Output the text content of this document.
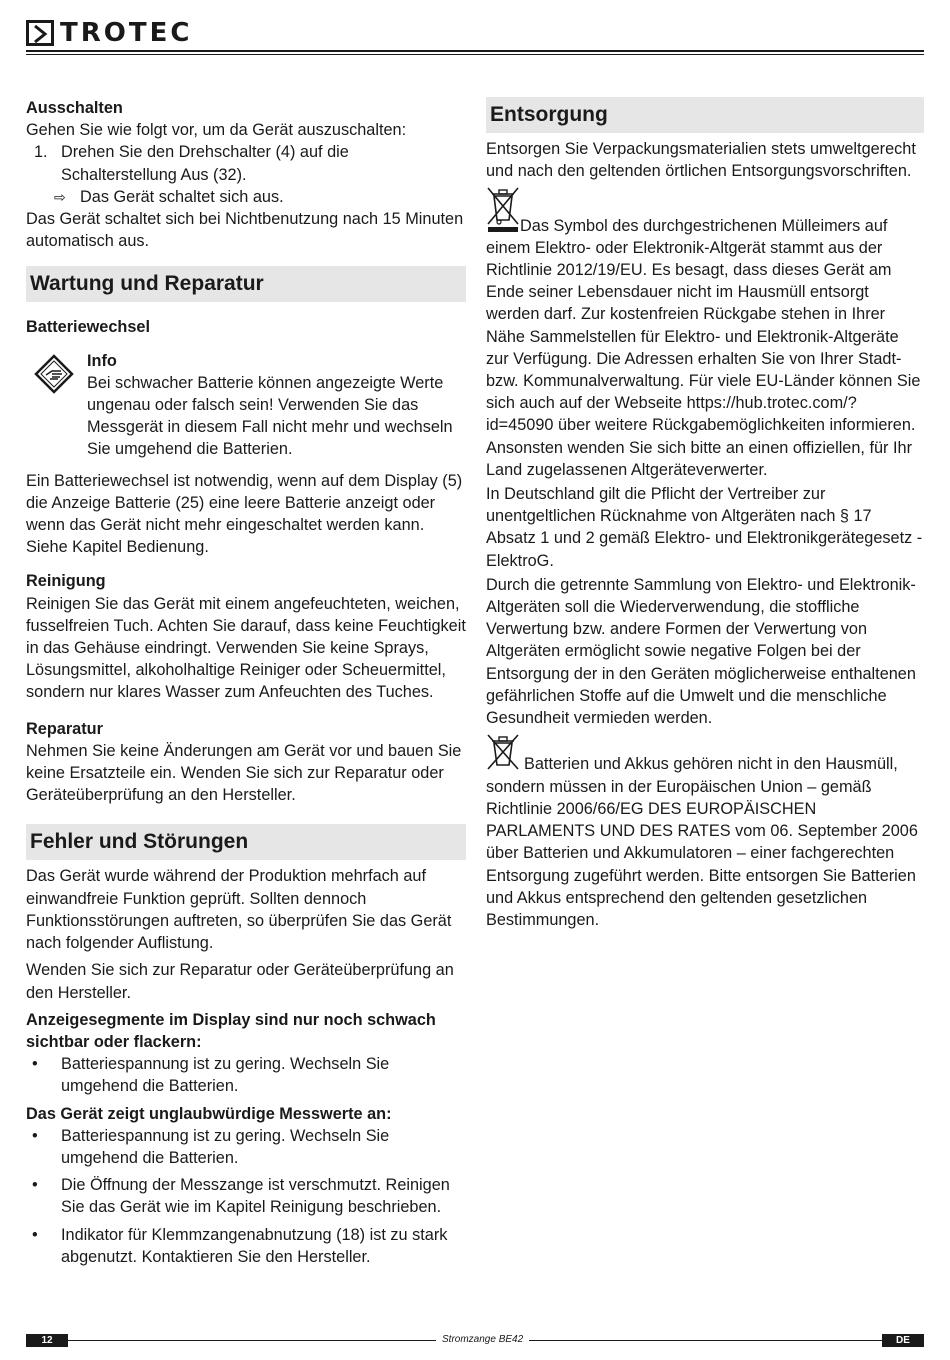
TROTEC
Ausschalten

Gehen Sie wie folgt vor, um da Gerät auszuschalten:

1. Drehen Sie den Drehschalter (4) auf die Schalterstellung Aus (32).
⇨ Das Gerät schaltet sich aus.

Das Gerät schaltet sich bei Nichtbenutzung nach 15 Minuten automatisch aus.

Wartung und Reparatur
Batteriewechsel
Info

Bei schwacher Batterie können angezeigte Werte ungenau oder falsch sein! Verwenden Sie das Messgerät in diesem Fall nicht mehr und wechseln Sie umgehend die Batterien.

Ein Batteriewechsel ist notwendig, wenn auf dem Display (5) die Anzeige Batterie (25) eine leere Batterie anzeigt oder wenn das Gerät nicht mehr eingeschaltet werden kann. Siehe Kapitel Bedienung.

Reinigung

Reinigen Sie das Gerät mit einem angefeuchteten, weichen, fusselfreien Tuch. Achten Sie darauf, dass keine Feuchtigkeit in das Gehäuse eindringt. Verwenden Sie keine Sprays, Lösungsmittel, alkoholhaltige Reiniger oder Scheuermittel, sondern nur klares Wasser zum Anfeuchten des Tuches.

Reparatur

Nehmen Sie keine Änderungen am Gerät vor und bauen Sie keine Ersatzteile ein. Wenden Sie sich zur Reparatur oder Geräteüberprüfung an den Hersteller.

Fehler und Störungen

Das Gerät wurde während der Produktion mehrfach auf einwandfreie Funktion geprüft. Sollten dennoch Funktionsstörungen auftreten, so überprüfen Sie das Gerät nach folgender Auflistung.

Wenden Sie sich zur Reparatur oder Geräteüberprüfung an den Hersteller.

Anzeigesegmente im Display sind nur noch schwach sichtbar oder flackern:
•	Batteriespannung ist zu gering. Wechseln Sie umgehend die Batterien.
Das Gerät zeigt unglaubwürdige Messwerte an:
•	Batteriespannung ist zu gering. Wechseln Sie umgehend die Batterien.
•	Die Öffnung der Messzange ist verschmutzt. Reinigen Sie das Gerät wie im Kapitel Reinigung beschrieben.
•	Indikator für Klemmzangenabnutzung (18) ist zu stark abgenutzt. Kontaktieren Sie den Hersteller.
Entsorgung

Entsorgen Sie Verpackungsmaterialien stets umweltgerecht und nach den geltenden örtlichen Entsorgungsvorschriften.

Das Symbol des durchgestrichenen Mülleimers auf einem Elektro- oder Elektronik-Altgerät stammt aus der Richtlinie 2012/19/EU. Es besagt, dass dieses Gerät am Ende seiner Lebensdauer nicht im Hausmüll entsorgt werden darf. Zur kostenfreien Rückgabe stehen in Ihrer Nähe Sammelstellen für Elektro- und Elektronik-Altgeräte zur Verfügung. Die Adressen erhalten Sie von Ihrer Stadt- bzw. Kommunalverwaltung. Für viele EU-Länder können Sie sich auch auf der Webseite https://hub.trotec.com/?id=45090 über weitere Rückgabemöglichkeiten informieren. Ansonsten wenden Sie sich bitte an einen offiziellen, für Ihr Land zugelassenen Altgeräteverwerter.

In Deutschland gilt die Pflicht der Vertreiber zur unentgeltlichen Rücknahme von Altgeräten nach § 17 Absatz 1 und 2 gemäß Elektro- und Elektronikgerätegesetz - ElektroG.

Durch die getrennte Sammlung von Elektro- und Elektronik-Altgeräten soll die Wiederverwendung, die stoffliche Verwertung bzw. andere Formen der Verwertung von Altgeräten ermöglicht sowie negative Folgen bei der Entsorgung der in den Geräten möglicherweise enthaltenen gefährlichen Stoffe auf die Umwelt und die menschliche Gesundheit vermieden werden.

Batterien und Akkus gehören nicht in den Hausmüll, sondern müssen in der Europäischen Union – gemäß Richtlinie 2006/66/EG DES EUROPÄISCHEN PARLAMENTS UND DES RATES vom 06. September 2006 über Batterien und Akkumulatoren – einer fachgerechten Entsorgung zugeführt werden. Bitte entsorgen Sie Batterien und Akkus entsprechend den geltenden gesetzlichen Bestimmungen.

12	Stromzange BE42	DE
